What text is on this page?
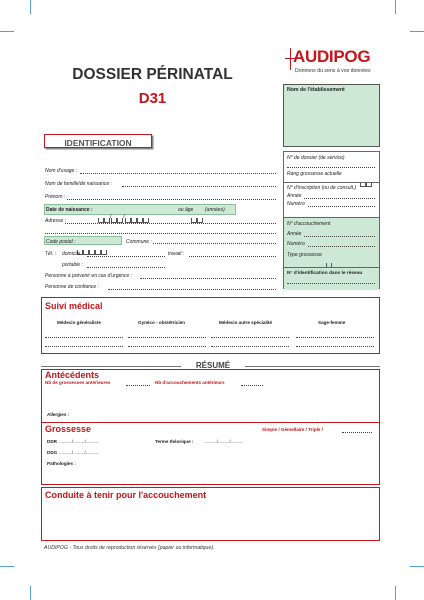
DOSSIER PÉRINATAL
D31
AUDIPOG
Donnons du sens à vos données
Nom de l'établissement
IDENTIFICATION
Nom d'usage :
Nom de famille/de naissance :
Prénom :
Date de naissance :
/ /
ou âge (années)
Adresse :
Code postal :	Commune :
Tél. : domicile :	travail :
portable :
Personne à prévenir en cas d'urgence :
Personne de confiance :
N° de dossier (de service)
Rang grossesse actuelle
N° d'inscription (ou de consult.)
Année
Numéro
N° d'accouchement
Année
Numéro
Type grossesse
N° d'identification dans le réseau
Suivi médical
Médecin généraliste	Gynéco - obstétricien	Médecin autre spécialité	Sage-femme
RÉSUMÉ
Antécédents
Nb de grossesses antérieures	Nb d'accouchements antérieurs
Allergies :
Grossesse	Simple / Gémellaire / Triple /
DDR ........../........./..........	Terme théorique : ........../........./..........
DDG ........../........./..........
Pathologies :
Conduite à tenir pour l'accouchement
AUDIPOG - Tous droits de reproduction réservés (papier ou informatique).
